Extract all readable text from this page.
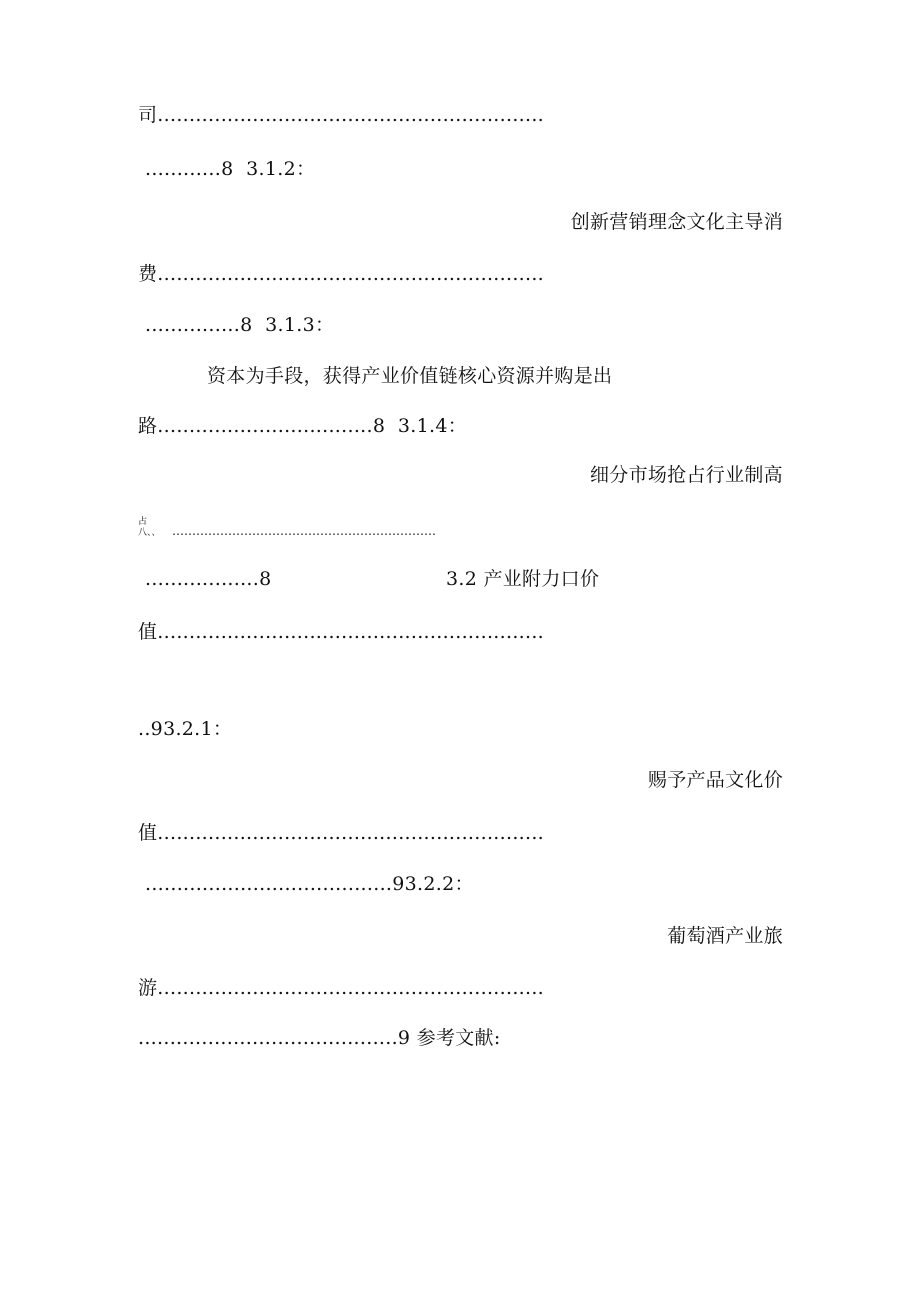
司.............................................................
............8  3.1.2：
创新营销理念文化主导消
费.............................................................
...............8  3.1.3：
资本为手段，获得产业价值链核心资源并购是出
路..................................8  3.1.4：
细分市场抢占行业制高
占
八、、 …………………………………………………………
..................8	3.2 产业附力口价
值.............................................................
..93.2.1：
赐予产品文化价
值.............................................................
.......................................93.2.2：
葡萄酒产业旅
游.............................................................
.........................................9 参考文献:
